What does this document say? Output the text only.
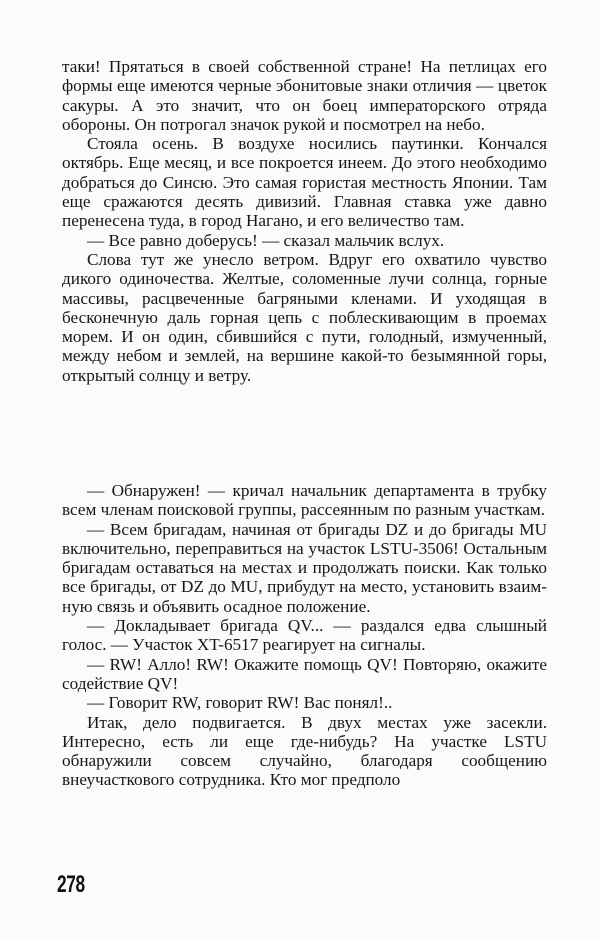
таки! Прятаться в своей собственной стране! На петлицах его формы еще имеются черные эбонитовые знаки отличия — цветок сакуры. А это значит, что он боец императорского отряда обороны. Он потрогал значок рукой и посмотрел на небо.

Стояла осень. В воздухе носились паутинки. Кончался октябрь. Еще месяц, и все покроется инеем. До этого необходимо добраться до Синсю. Это самая гористая местность Японии. Там еще сражаются десять дивизий. Главная ставка уже давно перенесена туда, в город Нагано, и его величество там.

— Все равно доберусь! — сказал мальчик вслух.

Слова тут же унесло ветром. Вдруг его охватило чувство дикого одиночества. Желтые, соломенные лучи солнца, горные массивы, расцвеченные багряными кленами. И уходящая в бесконечную даль горная цепь с поблескивающим в проемах морем. И он один, сбившийся с пути, голодный, измученный, между небом и землей, на вершине какой-то безымянной горы, открытый солнцу и ветру.

— Обнаружен! — кричал начальник департамента в трубку всем членам поисковой группы, рассеянным по разным участкам.

— Всем бригадам, начиная от бригады DZ и до бригады MU включительно, переправиться на участок LSTU-3506! Остальным бригадам оставаться на местах и продолжать поиски. Как только все бригады, от DZ до MU, прибудут на место, установить взаимную связь и объявить осадное положение.

— Докладывает бригада QV... — раздался едва слышный голос. — Участок XT-6517 реагирует на сигналы.

— RW! Алло! RW! Окажите помощь QV! Повторяю, окажите содействие QV!

— Говорит RW, говорит RW! Вас понял!..

Итак, дело подвигается. В двух местах уже засекли. Интересно, есть ли еще где-нибудь? На участке LSTU обнаружили совсем случайно, благодаря сообщению внеучасткового сотрудника. Кто мог предполо

278
